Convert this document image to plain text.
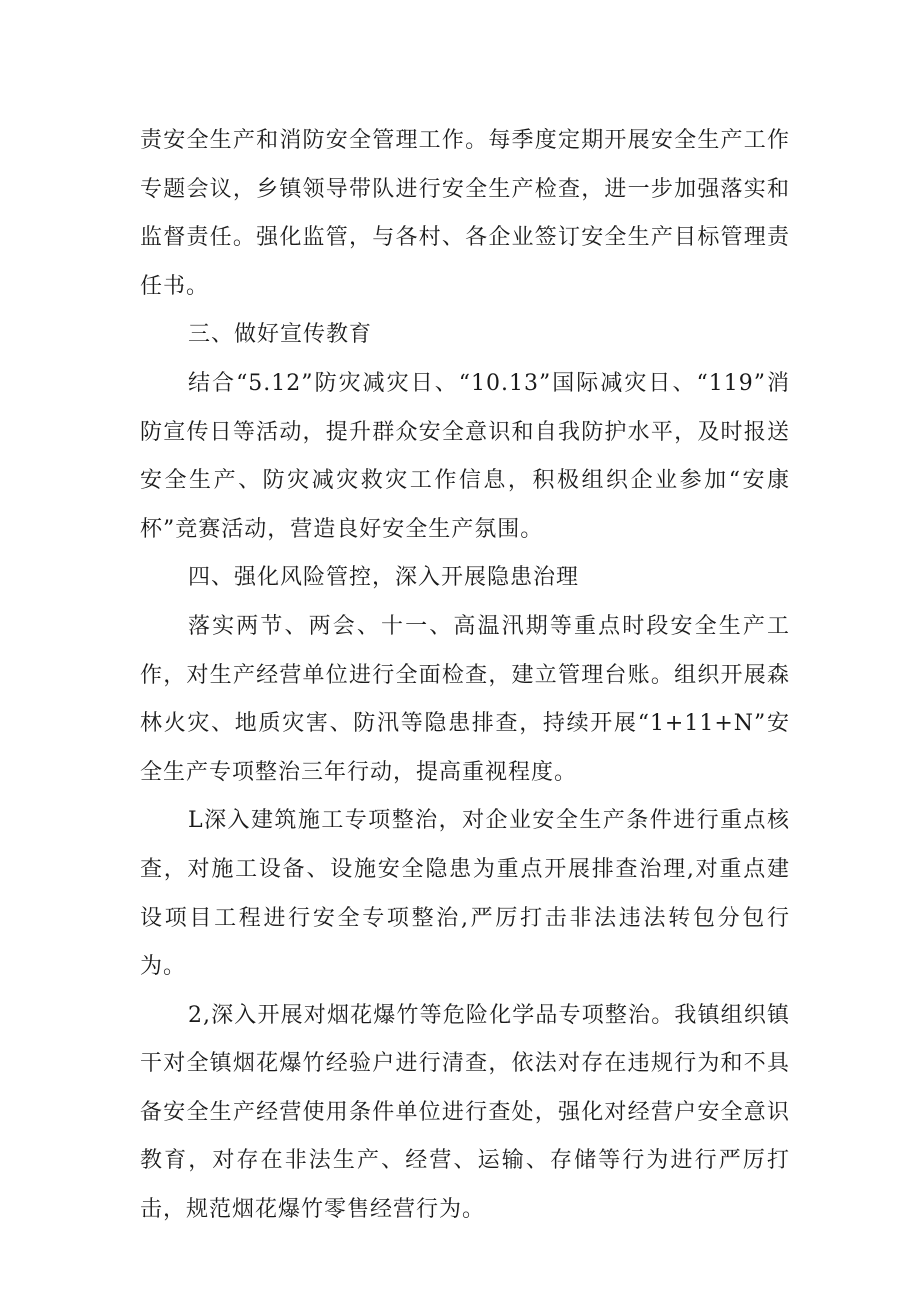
责安全生产和消防安全管理工作。每季度定期开展安全生产工作专题会议，乡镇领导带队进行安全生产检查，进一步加强落实和监督责任。强化监管，与各村、各企业签订安全生产目标管理责任书。

三、做好宣传教育

结合“5.12”防灾减灾日、“10.13”国际减灾日、“119”消防宣传日等活动，提升群众安全意识和自我防护水平，及时报送安全生产、防灾减灾救灾工作信息，积极组织企业参加“安康杯”竞赛活动，营造良好安全生产氛围。

四、强化风险管控，深入开展隐患治理

落实两节、两会、十一、高温汛期等重点时段安全生产工作，对生产经营单位进行全面检查，建立管理台账。组织开展森林火灾、地质灾害、防汛等隐患排查，持续开展“1+11+N”安全生产专项整治三年行动，提高重视程度。

L深入建筑施工专项整治，对企业安全生产条件进行重点核查，对施工设备、设施安全隐患为重点开展排查治理,对重点建设项目工程进行安全专项整治,严厉打击非法违法转包分包行为。

2,深入开展对烟花爆竹等危险化学品专项整治。我镇组织镇干对全镇烟花爆竹经验户进行清查，依法对存在违规行为和不具备安全生产经营使用条件单位进行查处，强化对经营户安全意识教育，对存在非法生产、经营、运输、存储等行为进行严厉打击，规范烟花爆竹零售经营行为。
